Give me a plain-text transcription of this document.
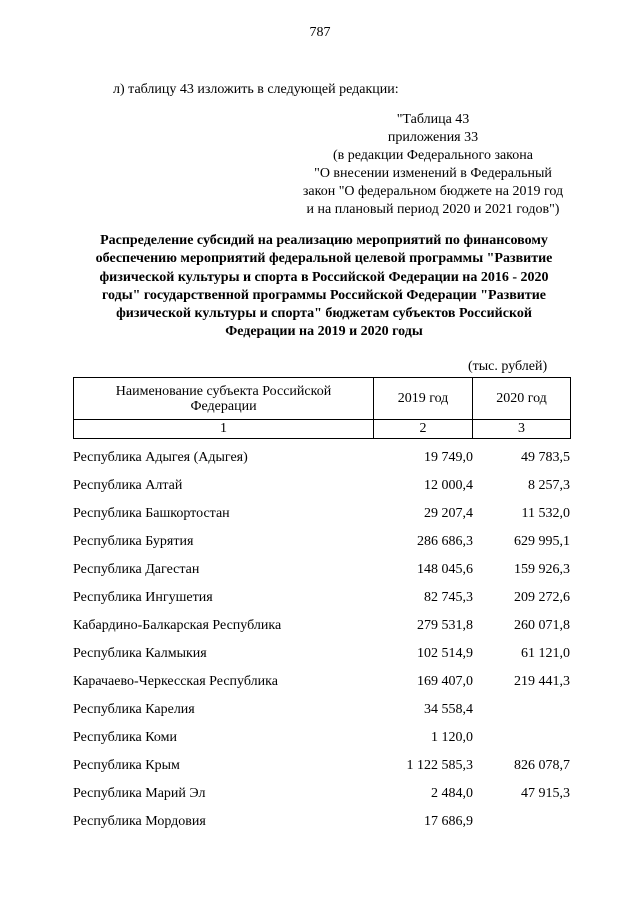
787
л) таблицу 43 изложить в следующей редакции:
"Таблица 43
приложения 33
(в редакции Федерального закона
"О внесении изменений в Федеральный
закон "О федеральном бюджете на 2019 год
и на плановый период 2020 и 2021 годов")
Распределение субсидий на реализацию мероприятий по финансовому
обеспечению мероприятий федеральной целевой программы "Развитие
физической культуры и спорта в Российской Федерации на 2016 - 2020
годы" государственной программы Российской Федерации "Развитие
физической культуры и спорта" бюджетам субъектов Российской
Федерации на 2019 и 2020 годы
(тыс. рублей)
Наименование субъекта Российской
Федерации	2019 год	2020 год
1	2	3
Республика Адыгея (Адыгея)	19 749,0	49 783,5
Республика Алтай	12 000,4	8 257,3
Республика Башкортостан	29 207,4	11 532,0
Республика Бурятия	286 686,3	629 995,1
Республика Дагестан	148 045,6	159 926,3
Республика Ингушетия	82 745,3	209 272,6
Кабардино-Балкарская Республика	279 531,8	260 071,8
Республика Калмыкия	102 514,9	61 121,0
Карачаево-Черкесская Республика	169 407,0	219 441,3
Республика Карелия	34 558,4
Республика Коми	1 120,0
Республика Крым	1 122 585,3	826 078,7
Республика Марий Эл	2 484,0	47 915,3
Республика Мордовия	17 686,9
